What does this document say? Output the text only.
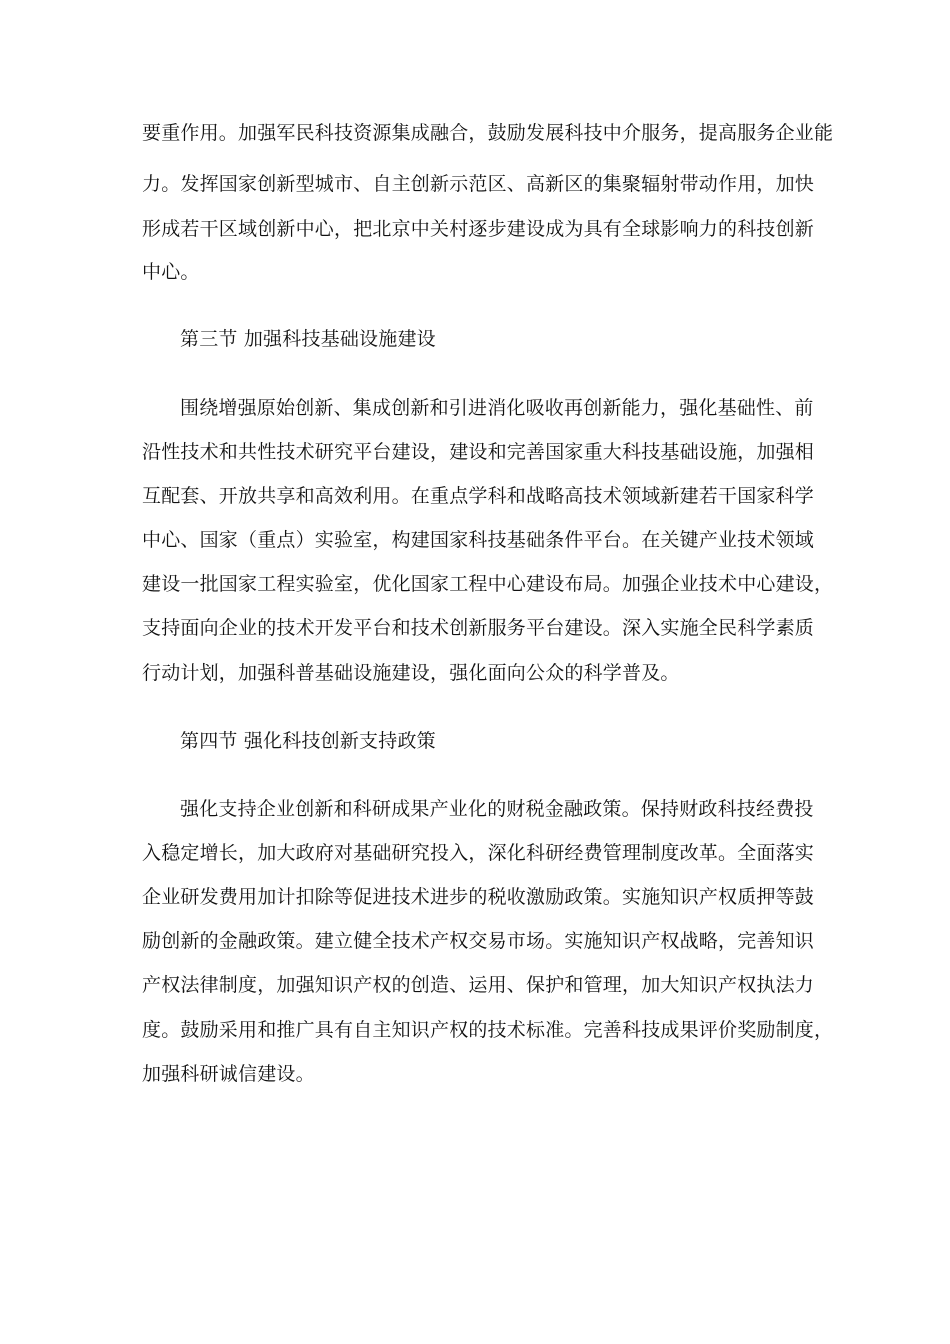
要重作用。加强军民科技资源集成融合，鼓励发展科技中介服务，提高服务企业能
力。发挥国家创新型城市、自主创新示范区、高新区的集聚辐射带动作用，加快
形成若干区域创新中心，把北京中关村逐步建设成为具有全球影响力的科技创新
中心。
第三节 加强科技基础设施建设
围绕增强原始创新、集成创新和引进消化吸收再创新能力，强化基础性、前
沿性技术和共性技术研究平台建设，建设和完善国家重大科技基础设施，加强相
互配套、开放共享和高效利用。在重点学科和战略高技术领域新建若干国家科学
中心、国家（重点）实验室，构建国家科技基础条件平台。在关键产业技术领域
建设一批国家工程实验室，优化国家工程中心建设布局。加强企业技术中心建设，
支持面向企业的技术开发平台和技术创新服务平台建设。深入实施全民科学素质
行动计划，加强科普基础设施建设，强化面向公众的科学普及。
第四节 强化科技创新支持政策
强化支持企业创新和科研成果产业化的财税金融政策。保持财政科技经费投
入稳定增长，加大政府对基础研究投入，深化科研经费管理制度改革。全面落实
企业研发费用加计扣除等促进技术进步的税收激励政策。实施知识产权质押等鼓
励创新的金融政策。建立健全技术产权交易市场。实施知识产权战略，完善知识
产权法律制度，加强知识产权的创造、运用、保护和管理，加大知识产权执法力
度。鼓励采用和推广具有自主知识产权的技术标准。完善科技成果评价奖励制度，
加强科研诚信建设。
